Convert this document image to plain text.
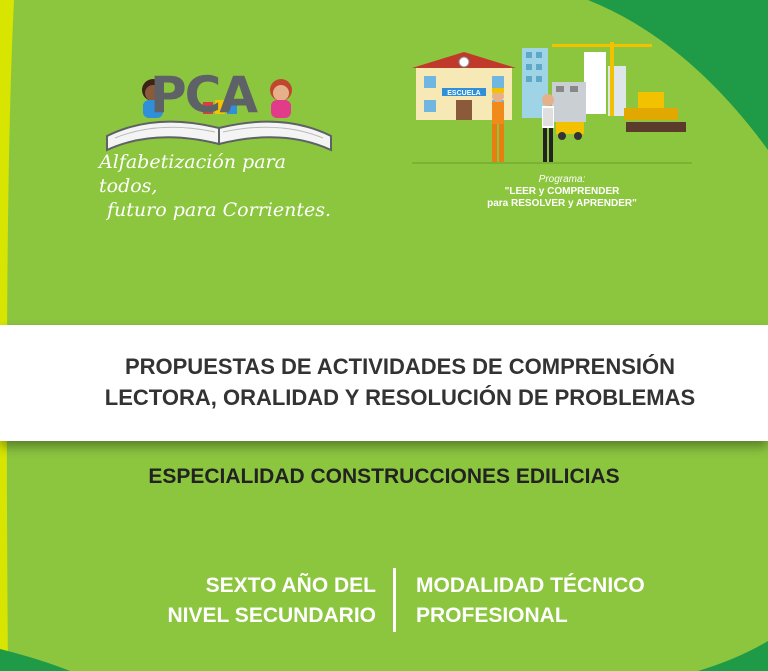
PCA
Alfabetización para todos,
futuro para Corrientes.
ESCUELA
Programa:
"LEER y COMPRENDER
para RESOLVER y APRENDER"
PROPUESTAS DE ACTIVIDADES DE COMPRENSIÓN
LECTORA, ORALIDAD Y RESOLUCIÓN DE PROBLEMAS
ESPECIALIDAD CONSTRUCCIONES EDILICIAS
SEXTO AÑO DEL
NIVEL SECUNDARIO
MODALIDAD TÉCNICO
PROFESIONAL
